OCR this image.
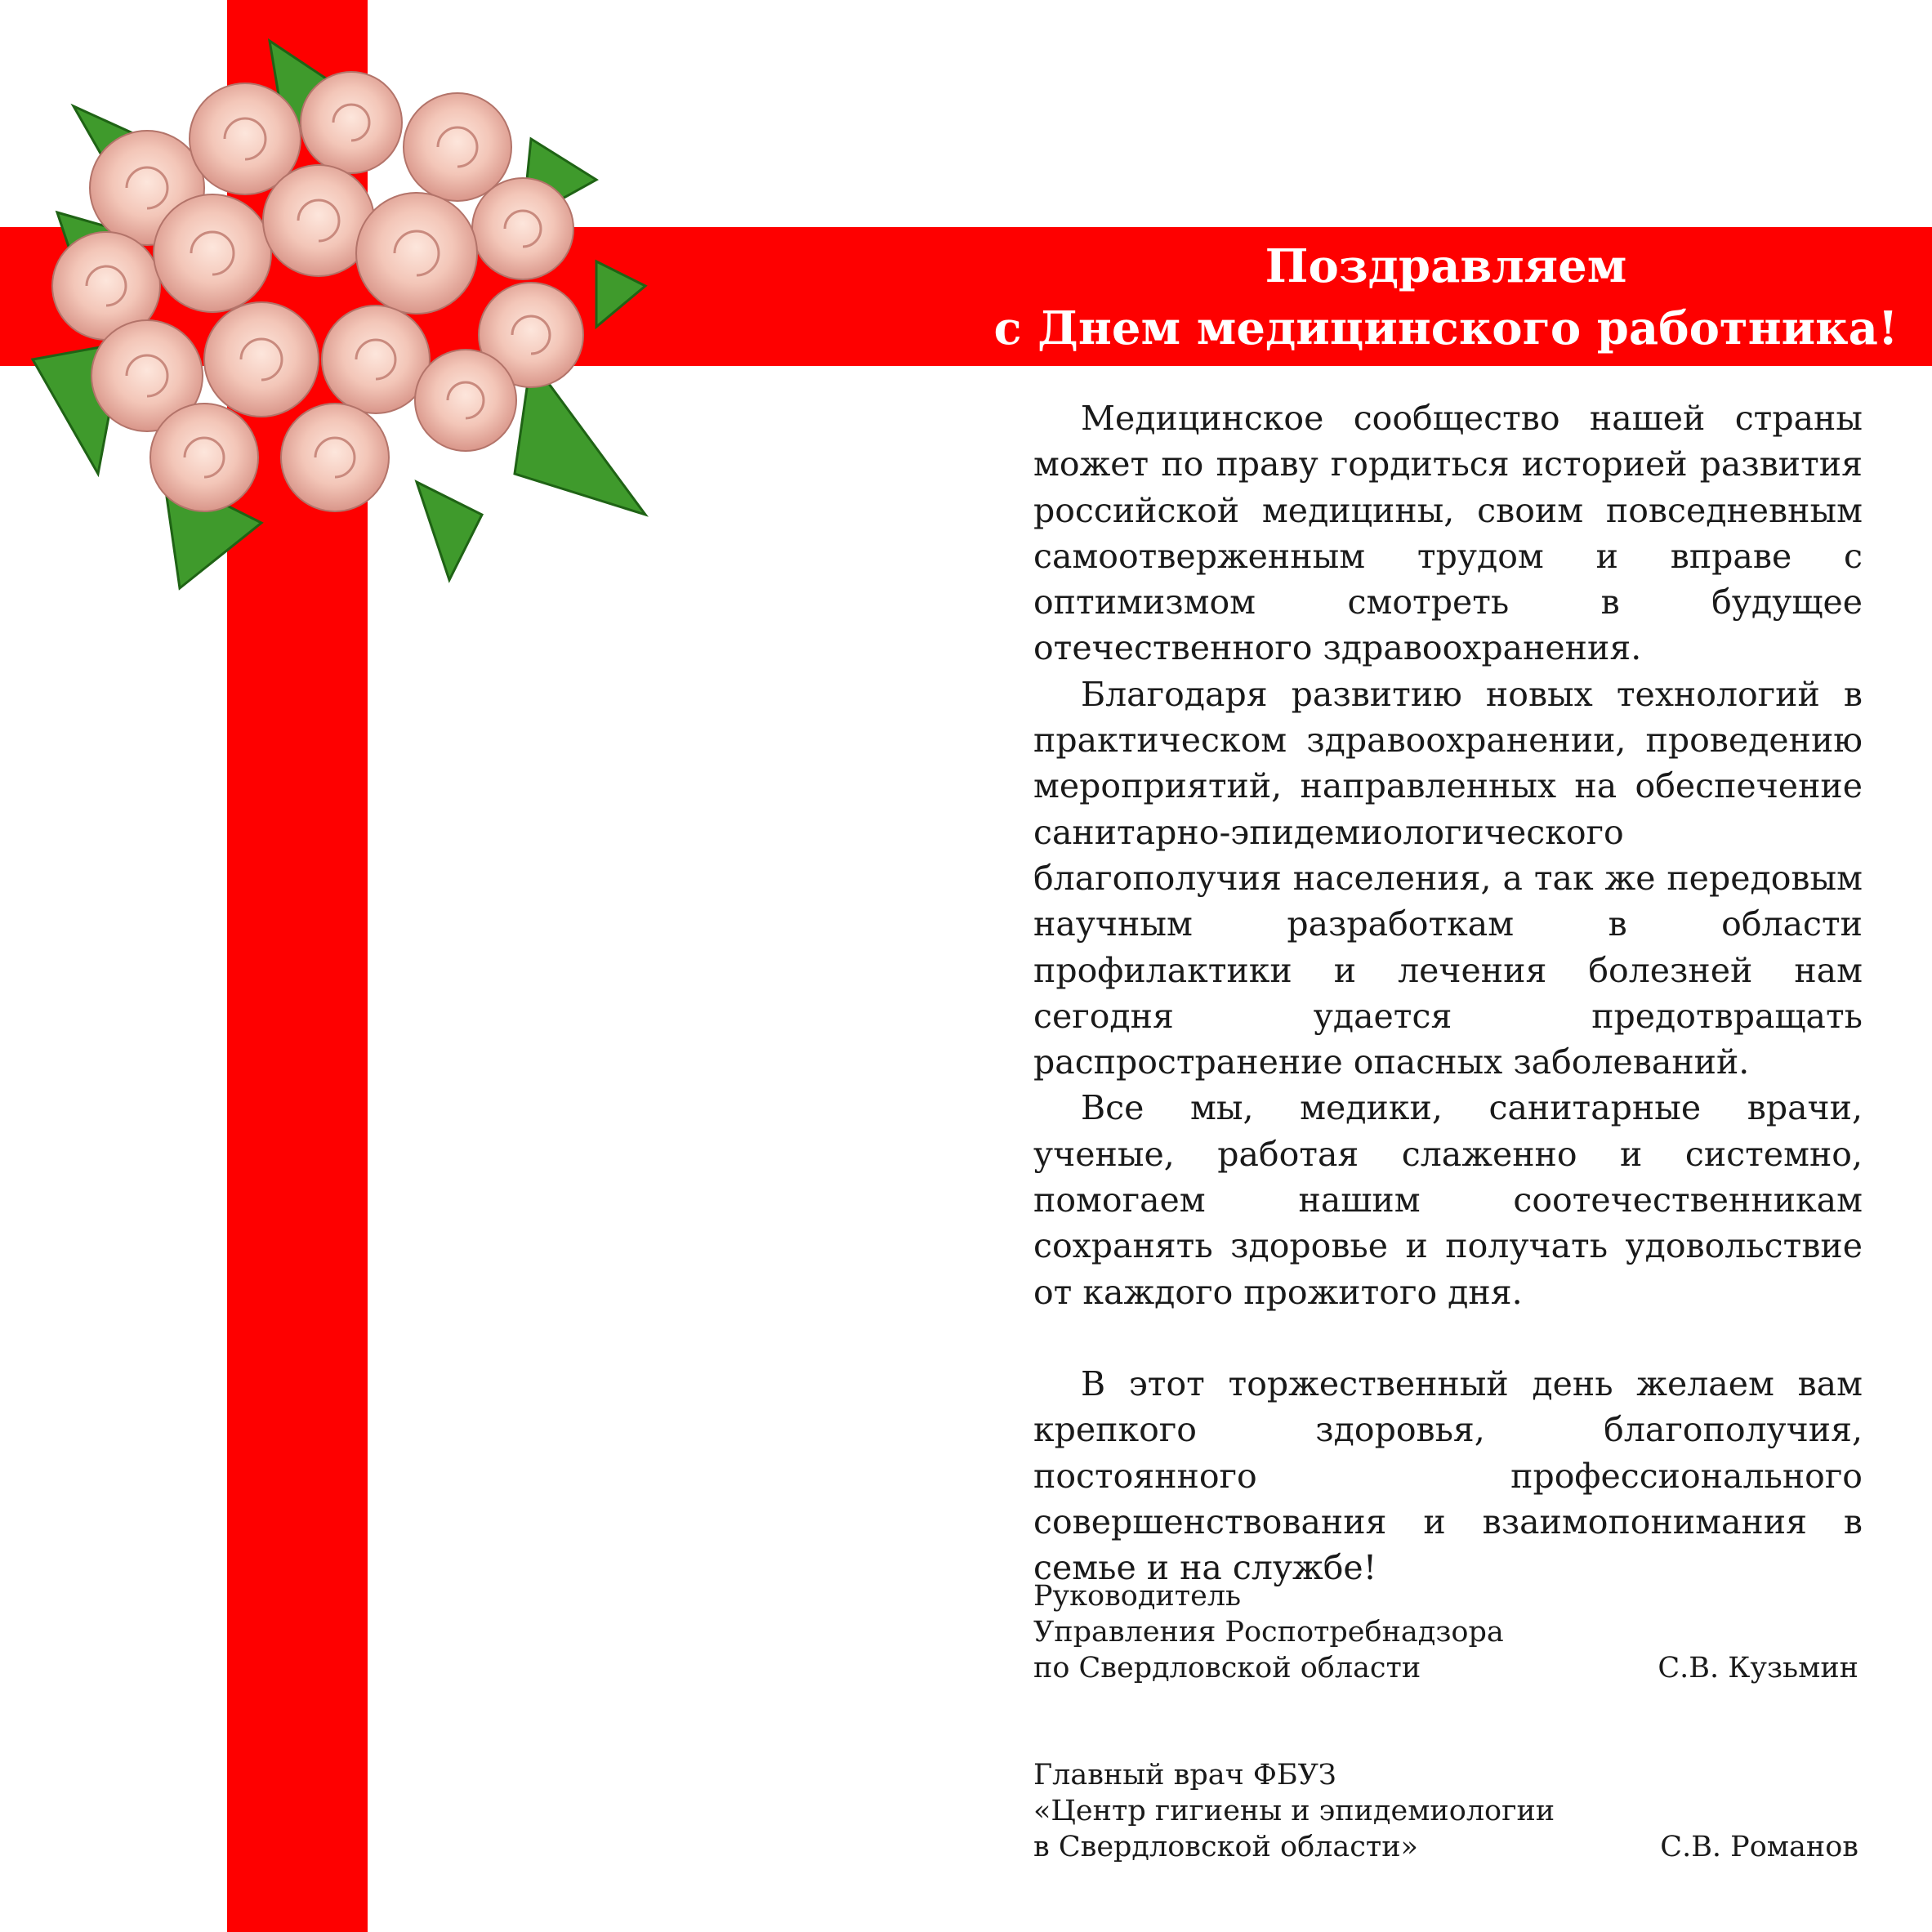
Поздравляем
с Днем медицинского работника!

Медицинское сообщество нашей страны может по праву гордиться историей развития российской медицины, своим повседневным самоотверженным трудом и вправе с оптимизмом смотреть в будущее отечественного здравоохранения.

Благодаря развитию новых технологий в практическом здравоохранении, проведению мероприятий, направленных на обеспечение санитарно-эпидемиологического благополучия населения, а так же передовым научным разработкам в области профилактики и лечения болезней нам сегодня удается предотвращать распространение опасных заболеваний.

Все мы, медики, санитарные врачи, ученые, работая слаженно и системно, помогаем нашим соотечественникам сохранять здоровье и получать удовольствие от каждого прожитого дня.

В этот торжественный день желаем вам крепкого здоровья, благополучия, постоянного профессионального совершенствования и взаимопонимания в семье и на службе!

Руководитель
Управления Роспотребнадзора
по Свердловской области	С.В. Кузьмин
Главный врач ФБУЗ
«Центр гигиены и эпидемиологии
в Свердловской области»	С.В. Романов
